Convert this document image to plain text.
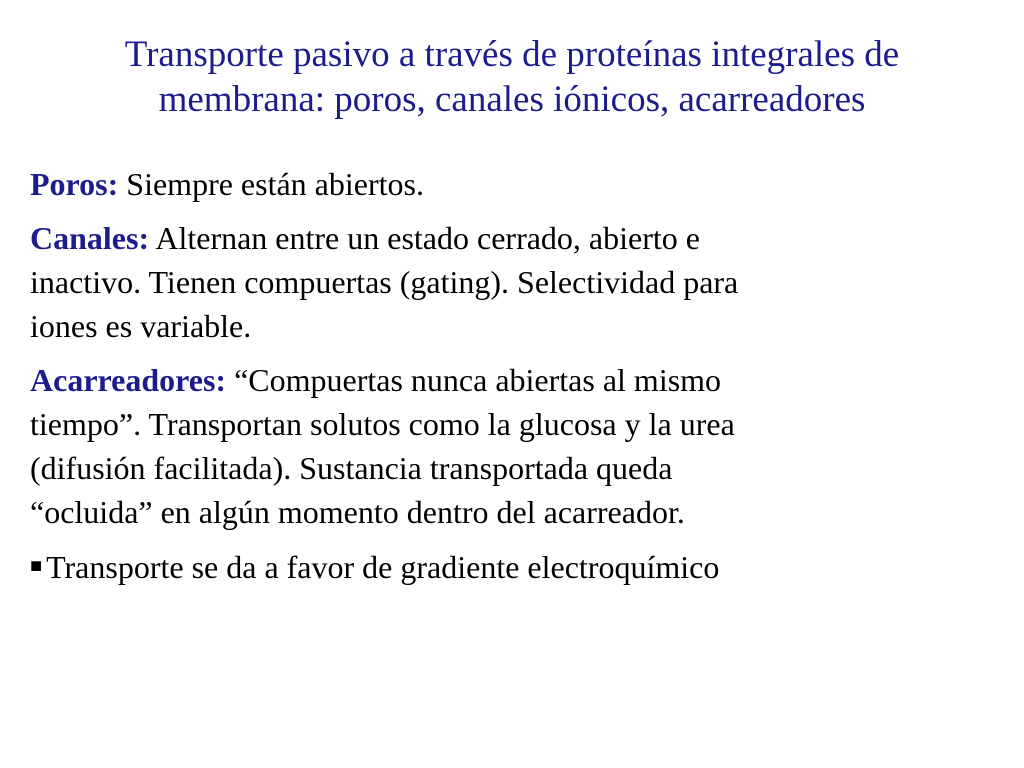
Transporte pasivo a través de proteínas integrales de
membrana: poros, canales iónicos, acarreadores
Poros: Siempre están abiertos.
Canales: Alternan entre un estado cerrado, abierto e
inactivo. Tienen compuertas (gating). Selectividad para
iones es variable.
Acarreadores: “Compuertas nunca abiertas al mismo
tiempo”. Transportan solutos como la glucosa y la urea
(difusión facilitada). Sustancia transportada queda
“ocluida” en algún momento dentro del acarreador.
■ Transporte se da a favor de gradiente electroquímico
